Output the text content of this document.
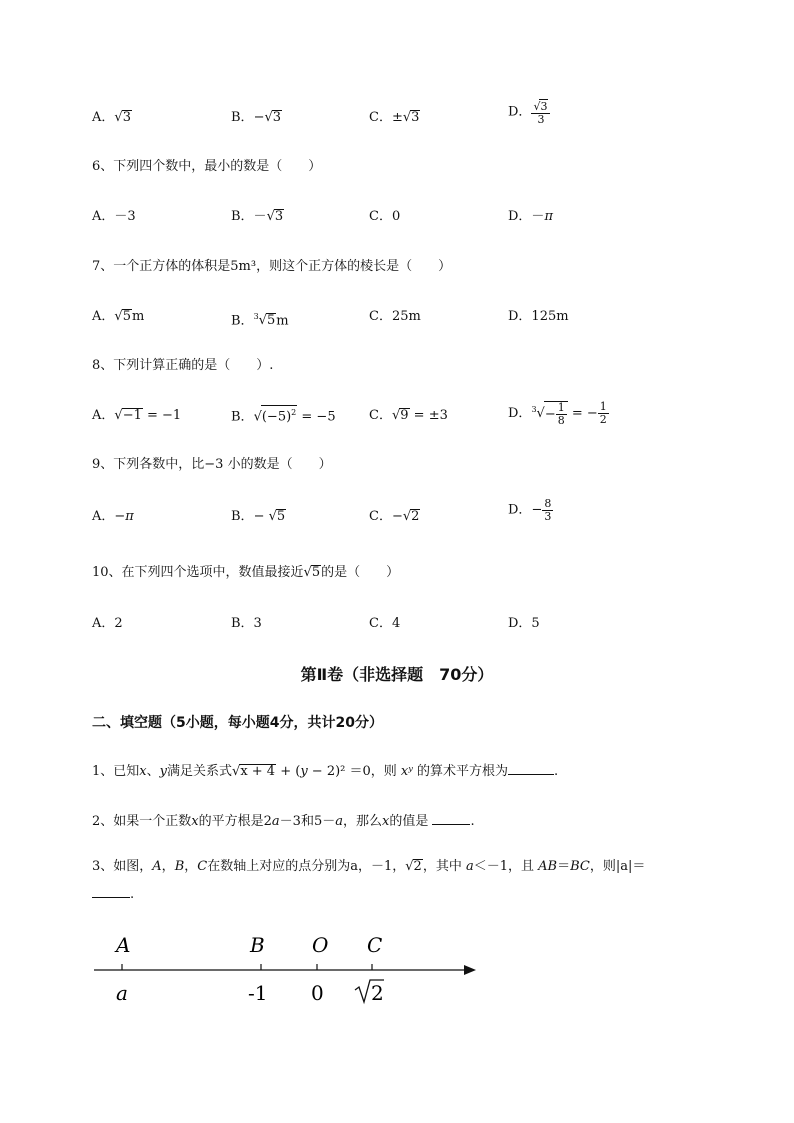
A．√3	B．−√3	C．±√3	D． $\frac{√3}{3}$
6、下列四个数中，最小的数是（　　）
A．－3	B．－√3	C．0	D．－π
7、一个正方体的体积是5m³，则这个正方体的棱长是（　　）
A．√5m	B．$^3$√5m	C．25m	D．125m
8、下列计算正确的是（　　）.
A．√−1 = −1	B．$√(-5)^2 = -5$	C．√9 = ±3	D．$^3√- \frac{1}{8}$ = − $\frac{1}{2}$
9、下列各数中，比−3 小的数是（　　）
A．−π	B．− √5	C．−√2	D．− $\frac{8}{3}$
10、在下列四个选项中，数值最接近√5的是（　　）
A．2	B．3	C．4	D．5
第Ⅱ卷（非选择题　70分）
二、填空题（5小题，每小题4分，共计20分）
1、已知x、y满足关系式√x + 4 + (y − 2)² ＝0，则 xʸ 的算术平方根为	.
2、如果一个正数x的平方根是2a－3和5－a，那么x的值是	.
3、如图，A，B，C在数轴上对应的点分别为a，－1，√2，其中 a＜－1，且 AB＝BC，则|a|＝
.
A	B O C
a	-1 0 2
